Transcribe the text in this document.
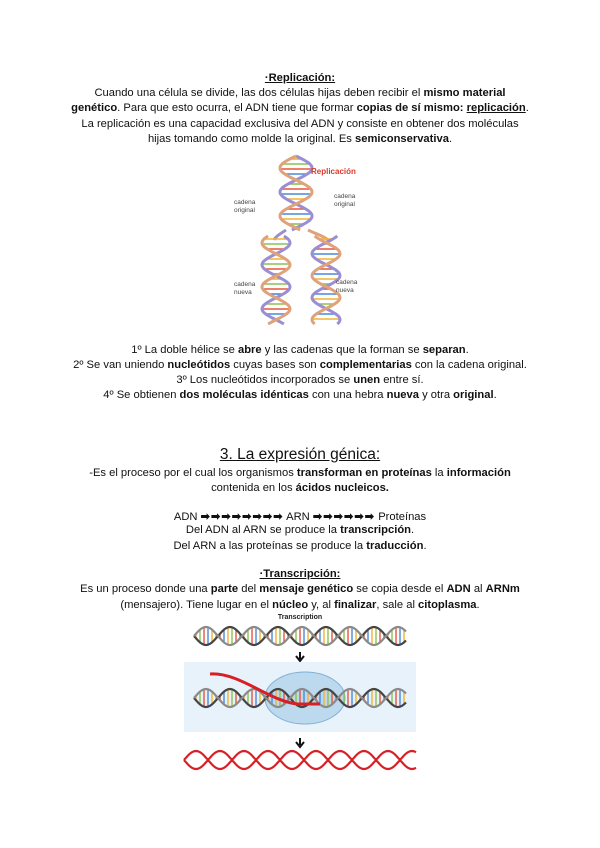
·Replicación:
Cuando una célula se divide, las dos células hijas deben recibir el mismo material
genético. Para que esto ocurra, el ADN tiene que formar copias de sí mismo: replicación.
La replicación es una capacidad exclusiva del ADN y consiste en obtener dos moléculas
hijas tomando como molde la original. Es semiconservativa.
Replicación
cadena
original
cadena
original
cadena
nueva
cadena
nueva
1º La doble hélice se abre y las cadenas que la forman se separan.
2º Se van uniendo nucleótidos cuyas bases son complementarias con la cadena original.
3º Los nucleótidos incorporados se unen entre sí.
4º Se obtienen dos moléculas idénticas con una hebra nueva y otra original.
3. La expresión génica:
-Es el proceso por el cual los organismos transforman en proteínas la información
contenida en los ácidos nucleicos.
ADN ➡➡➡➡➡➡➡➡ ARN ➡➡➡➡➡➡ Proteínas
Del ADN al ARN se produce la transcripción.
Del ARN a las proteínas se produce la traducción.
·Transcripción:
Es un proceso donde una parte del mensaje genético se copia desde el ADN al ARNm
(mensajero). Tiene lugar en el núcleo y, al finalizar, sale al citoplasma.
Transcription
